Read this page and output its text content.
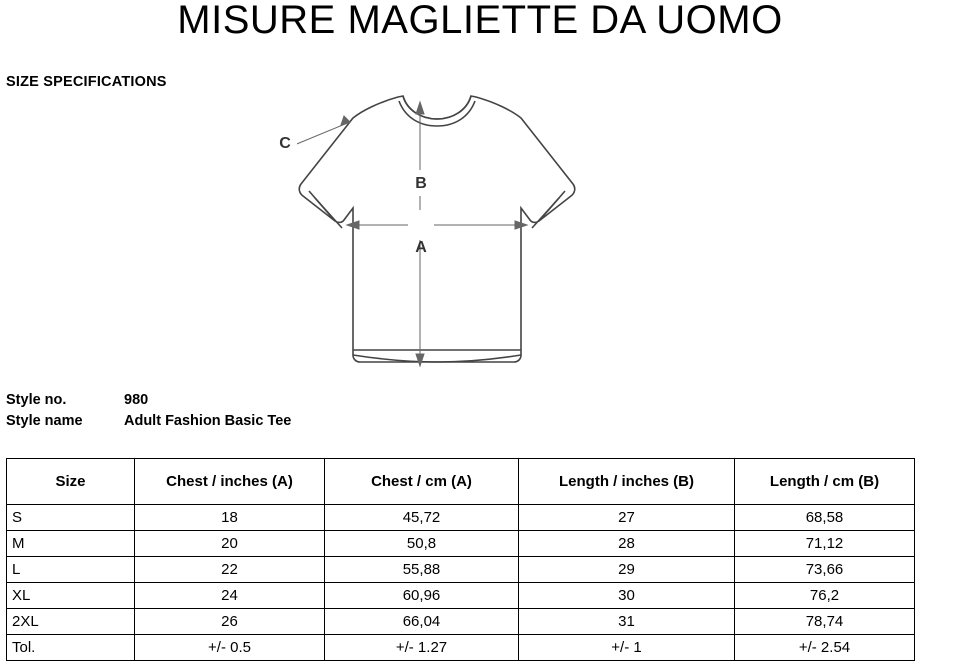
MISURE MAGLIETTE DA UOMO
SIZE SPECIFICATIONS
B
A
C
Style no.	980
Style name	Adult Fashion Basic Tee
Size	Chest / inches (A)	Chest / cm (A)	Length / inches (B)	Length / cm (B)
S	18	45,72	27	68,58
M	20	50,8	28	71,12
L	22	55,88	29	73,66
XL	24	60,96	30	76,2
2XL	26	66,04	31	78,74
Tol.	+/- 0.5	+/- 1.27	+/- 1	+/- 2.54
